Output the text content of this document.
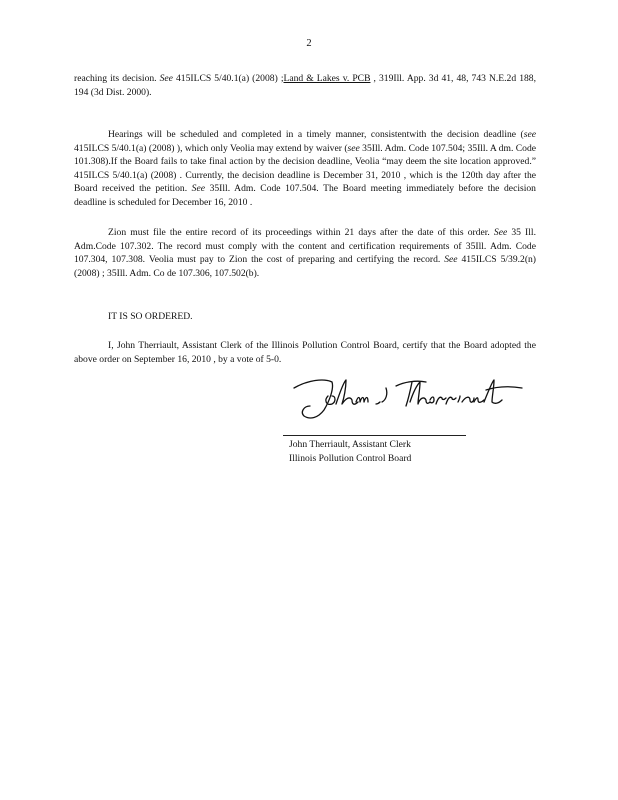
2

reaching its decision. See 415ILCS 5/40.1(a) (2008) ;Land & Lakes v. PCB , 319Ill. App. 3d 41, 48, 743 N.E.2d 188, 194 (3d Dist. 2000).

Hearings will be scheduled and completed in a timely manner, consistentwith the decision deadline (see 415ILCS 5/40.1(a) (2008) ), which only Veolia may extend by waiver (see 35Ill. Adm. Code 107.504; 35Ill. A dm. Code 101.308).If the Board fails to take final action by the decision deadline, Veolia “may deem the site location approved.” 415ILCS 5/40.1(a) (2008) . Currently, the decision deadline is December 31, 2010 , which is the 120th day after the Board received the petition. See 35Ill. Adm. Code 107.504. The Board meeting immediately before the decision deadline is scheduled for December 16, 2010 .

Zion must file the entire record of its proceedings within 21 days after the date of this order. See 35 Ill. Adm.Code 107.302. The record must comply with the content and certification requirements of 35Ill. Adm. Code 107.304, 107.308. Veolia must pay to Zion the cost of preparing and certifying the record. See 415ILCS 5/39.2(n) (2008) ; 35Ill. Adm. Co de 107.306, 107.502(b).

IT IS SO ORDERED.

I, John Therriault, Assistant Clerk of the Illinois Pollution Control Board, certify that the Board adopted the above order on September 16, 2010 , by a vote of 5-0.

John Therriault, Assistant Clerk
Illinois Pollution Control Board
